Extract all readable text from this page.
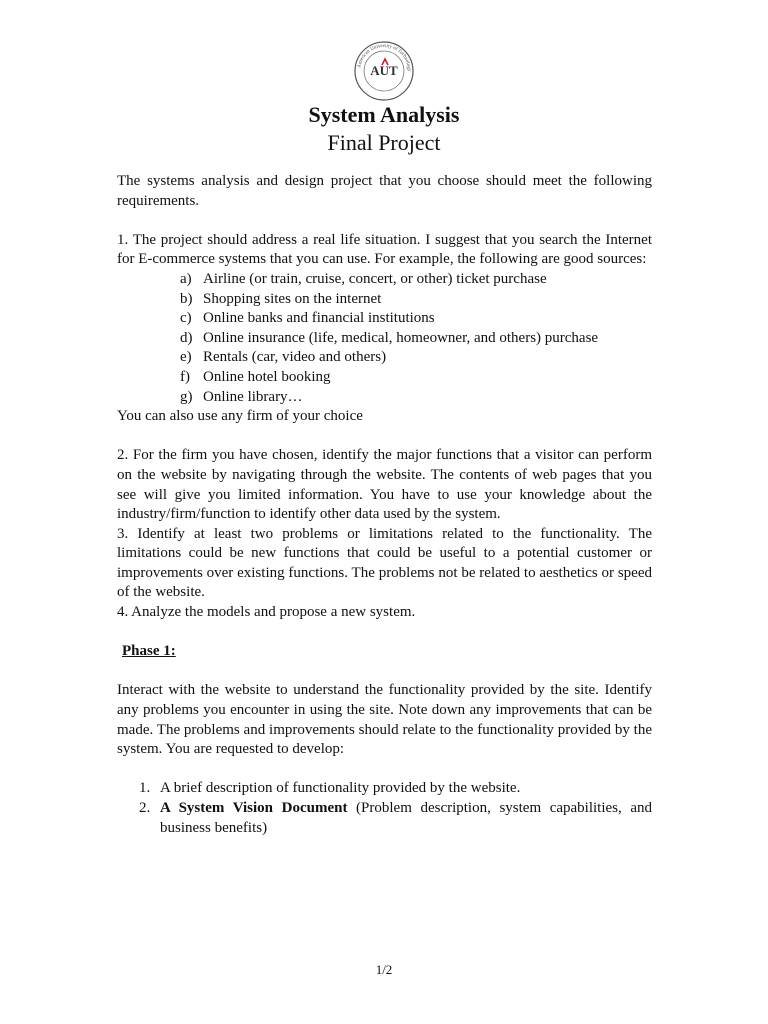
American University of Technology
AUT
System Analysis
Final Project

The systems analysis and design project that you choose should meet the following requirements.

1. The project should address a real life situation. I suggest that you search the Internet for E-commerce systems that you can use. For example, the following are good sources:

a) Airline (or train, cruise, concert, or other) ticket purchase
b) Shopping sites on the internet
c) Online banks and financial institutions
d) Online insurance (life, medical, homeowner, and others) purchase
e) Rentals (car, video and others)
f) Online hotel booking
g) Online library…

You can also use any firm of your choice

2. For the firm you have chosen, identify the major functions that a visitor can perform on the website by navigating through the website. The contents of web pages that you see will give you limited information. You have to use your knowledge about the industry/firm/function to identify other data used by the system.

3. Identify at least two problems or limitations related to the functionality. The limitations could be new functions that could be useful to a potential customer or improvements over existing functions. The problems not be related to aesthetics or speed of the website.

4. Analyze the models and propose a new system.

Phase 1:

Interact with the website to understand the functionality provided by the site. Identify any problems you encounter in using the site. Note down any improvements that can be made. The problems and improvements should relate to the functionality provided by the system. You are requested to develop:

1. A brief description of functionality provided by the website.
2. A System Vision Document (Problem description, system capabilities, and business benefits)
1/2
